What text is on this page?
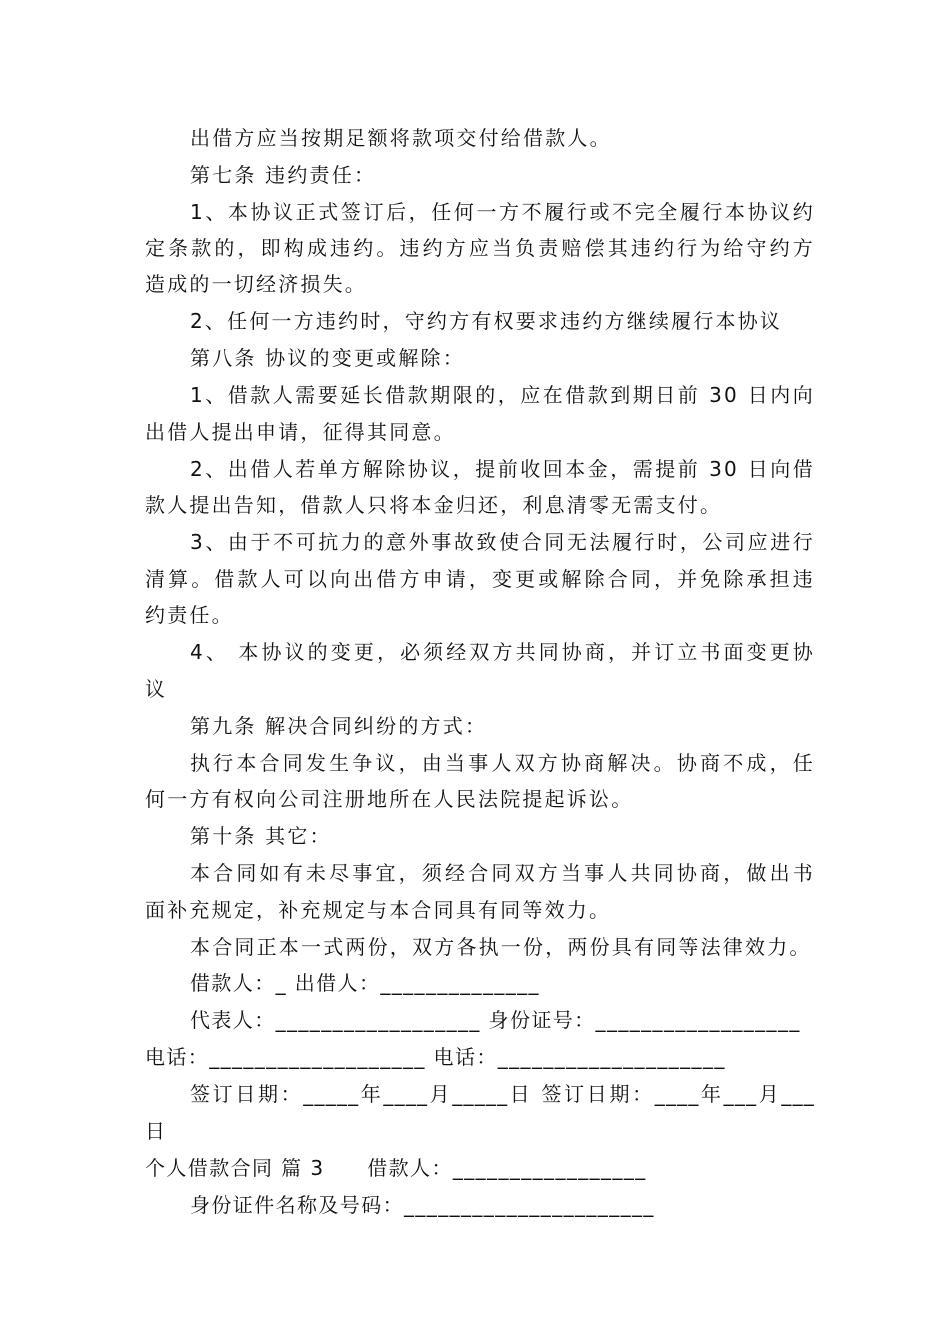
出借方应当按期足额将款项交付给借款人。
第七条 违约责任：
1、本协议正式签订后，任何一方不履行或不完全履行本协议约
定条款的，即构成违约。违约方应当负责赔偿其违约行为给守约方
造成的一切经济损失。
2、任何一方违约时，守约方有权要求违约方继续履行本协议
第八条 协议的变更或解除：
1、借款人需要延长借款期限的，应在借款到期日前 30 日内向
出借人提出申请，征得其同意。
2、出借人若单方解除协议，提前收回本金，需提前 30 日向借
款人提出告知，借款人只将本金归还，利息清零无需支付。
3、由于不可抗力的意外事故致使合同无法履行时，公司应进行
清算。借款人可以向出借方申请，变更或解除合同，并免除承担违
约责任。
4、 本协议的变更，必须经双方共同协商，并订立书面变更协
议
第九条 解决合同纠纷的方式：
执行本合同发生争议，由当事人双方协商解决。协商不成，任
何一方有权向公司注册地所在人民法院提起诉讼。
第十条 其它：
本合同如有未尽事宜，须经合同双方当事人共同协商，做出书
面补充规定，补充规定与本合同具有同等效力。
本合同正本一式两份，双方各执一份，两份具有同等法律效力。
借款人：_ 出借人：______________
代表人：__________________ 身份证号：__________________
电话：___________________ 电话：____________________
签订日期：_____年____月_____日 签订日期：____年___月___
日
个人借款合同 篇 3　　借款人：_________________
身份证件名称及号码：______________________
